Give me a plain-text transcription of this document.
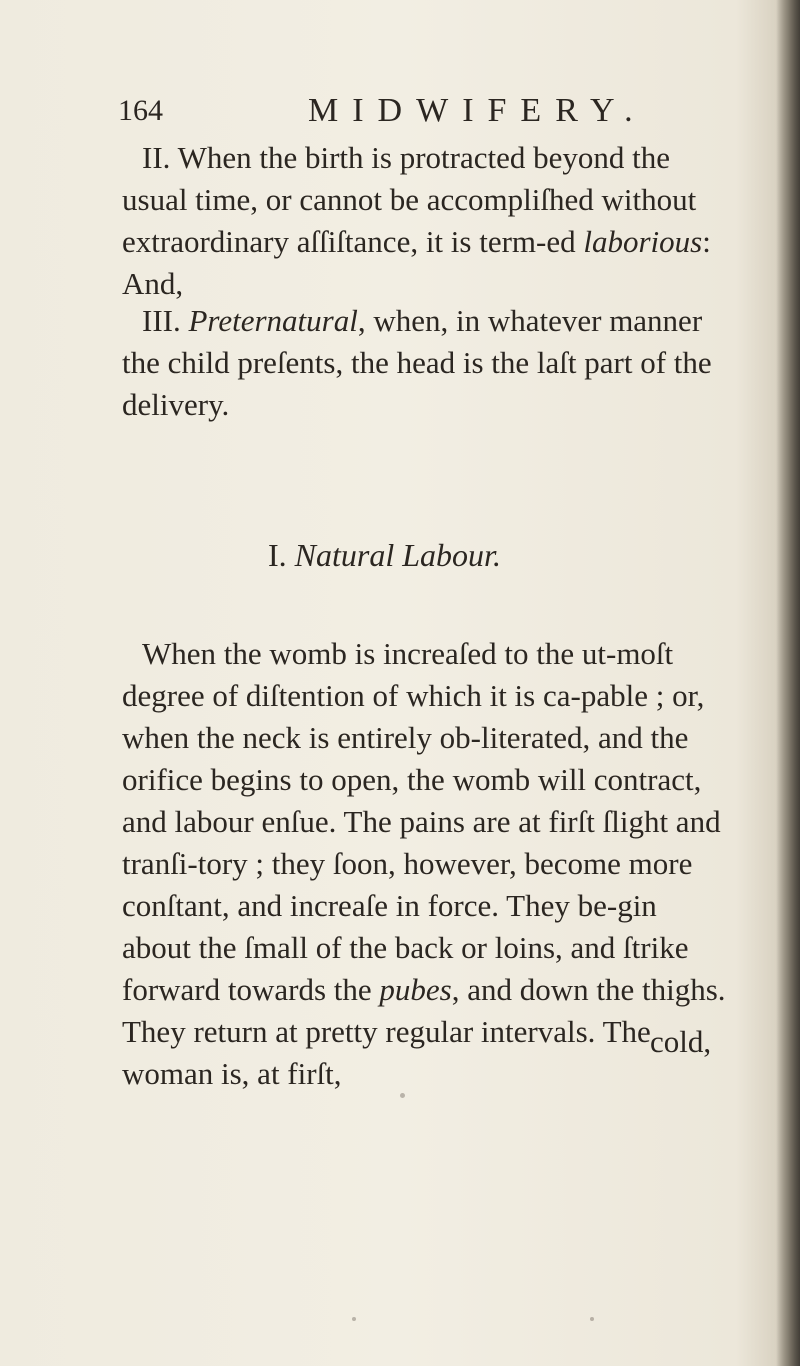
164	MIDWIFERY.

II. When the birth is protracted beyond the usual time, or cannot be accompliſhed without extraordinary aſſiſtance, it is term-ed laborious: And,

III. Preternatural, when, in whatever manner the child preſents, the head is the laſt part of the delivery.

I. Natural Labour.

When the womb is increaſed to the ut-moſt degree of diſtention of which it is ca-pable ; or, when the neck is entirely ob-literated, and the orifice begins to open, the womb will contract, and labour enſue. The pains are at firſt ſlight and tranſi-tory ; they ſoon, however, become more conſtant, and increaſe in force. They be-gin about the ſmall of the back or loins, and ſtrike forward towards the pubes, and down the thighs. They return at pretty regular intervals. The woman is, at firſt,

cold,
